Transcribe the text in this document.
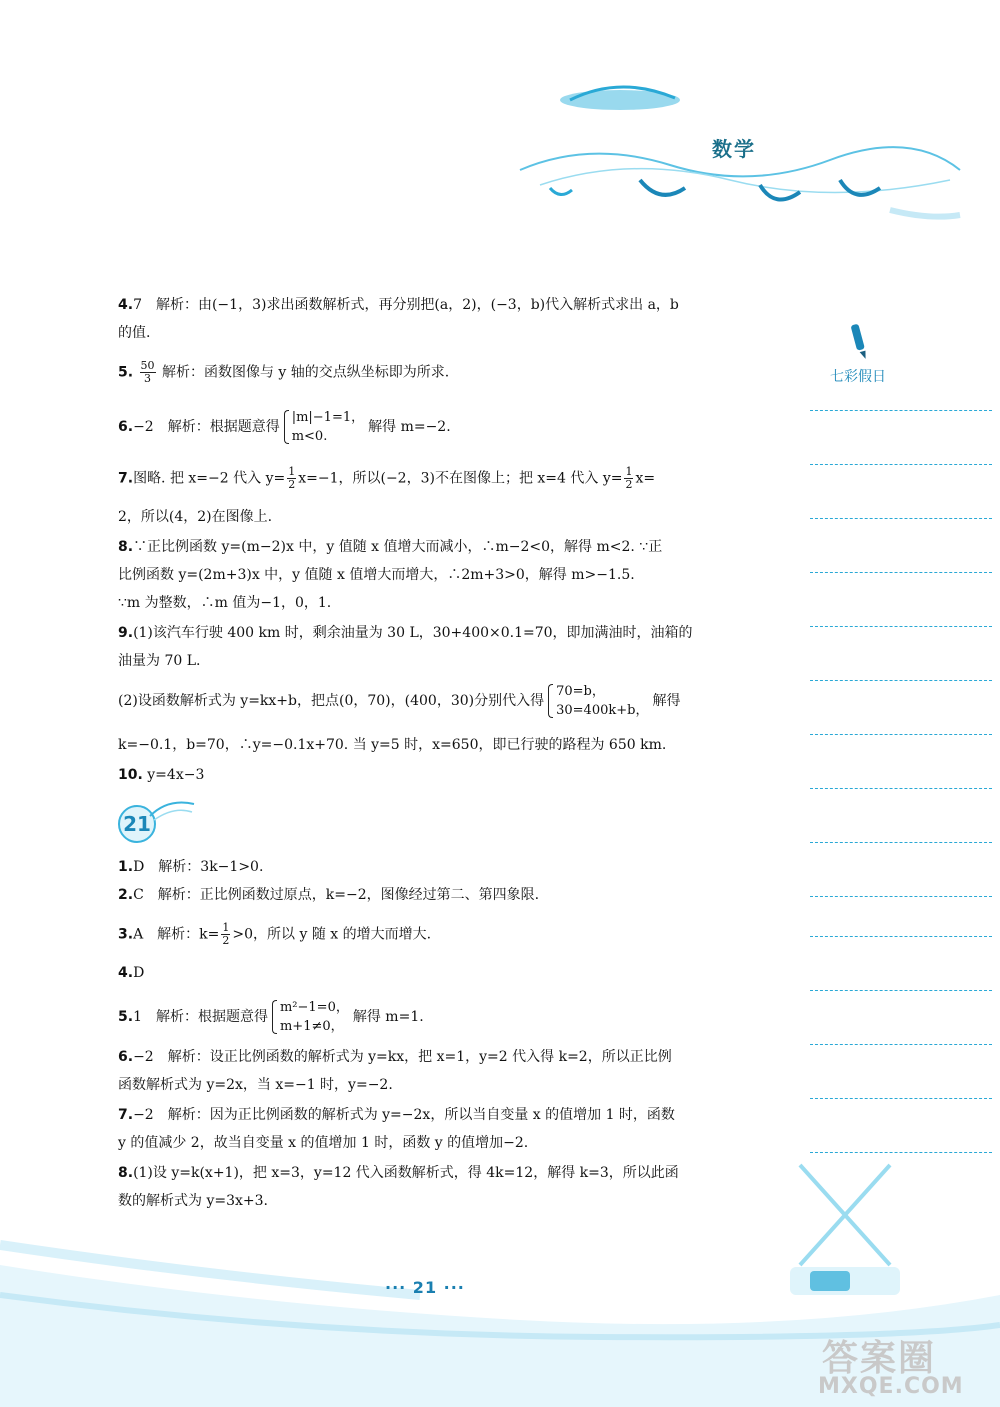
数学
七彩假日
4.7　解析：由(−1，3)求出函数解析式，再分别把(a，2)，(−3，b)代入解析式求出 a，b
的值.
5. $\frac{50}{3}$ 解析：函数图像与 y 轴的交点纵坐标即为所求.
6.−2　解析：根据题意得
|m|−1=1，
m<0.
解得 m=−2.
7.图略. 把 x=−2 代入 $y= \frac{1}{2} x=-1$，所以(−2，3)不在图像上；把 x=4 代入 $y= \frac{1}{2} x=$
2，所以(4，2)在图像上.
8.∵正比例函数 y=(m−2)x 中，y 值随 x 值增大而减小，∴m−2<0，解得 m<2. ∵正
比例函数 y=(2m+3)x 中，y 值随 x 值增大而增大，∴2m+3>0，解得 m>−1.5.
∵m 为整数，∴m 值为−1，0，1.
9.(1)该汽车行驶 400 km 时，剩余油量为 30 L，30+400×0.1=70，即加满油时，油箱的
油量为 70 L.
(2)设函数解析式为 y=kx+b，把点(0，70)，(400，30)分别代入得
70=b，
30=400k+b，
解得
k=−0.1，b=70，∴y=−0.1x+70. 当 y=5 时，x=650，即已行驶的路程为 650 km.
10. y=4x−3
1.D　解析：3k−1>0.
2.C　解析：正比例函数过原点，k=−2，图像经过第二、第四象限.
3.A　解析：$k= \frac{1}{2} >0$，所以 y 随 x 的增大而增大.
4.D
5.1　解析：根据题意得
m²−1=0，
m+1≠0，
解得 m=1.
6.−2　解析：设正比例函数的解析式为 y=kx，把 x=1，y=2 代入得 k=2，所以正比例
函数解析式为 y=2x，当 x=−1 时，y=−2.
7.−2　解析：因为正比例函数的解析式为 y=−2x，所以当自变量 x 的值增加 1 时，函数
y 的值减少 2，故当自变量 x 的值增加 1 时，函数 y 的值增加−2.
8.(1)设 y=k(x+1)，把 x=3，y=12 代入函数解析式，得 4k=12，解得 k=3，所以此函
数的解析式为 y=3x+3.
21
··· 21 ···
答案圈
MXQE.COM
